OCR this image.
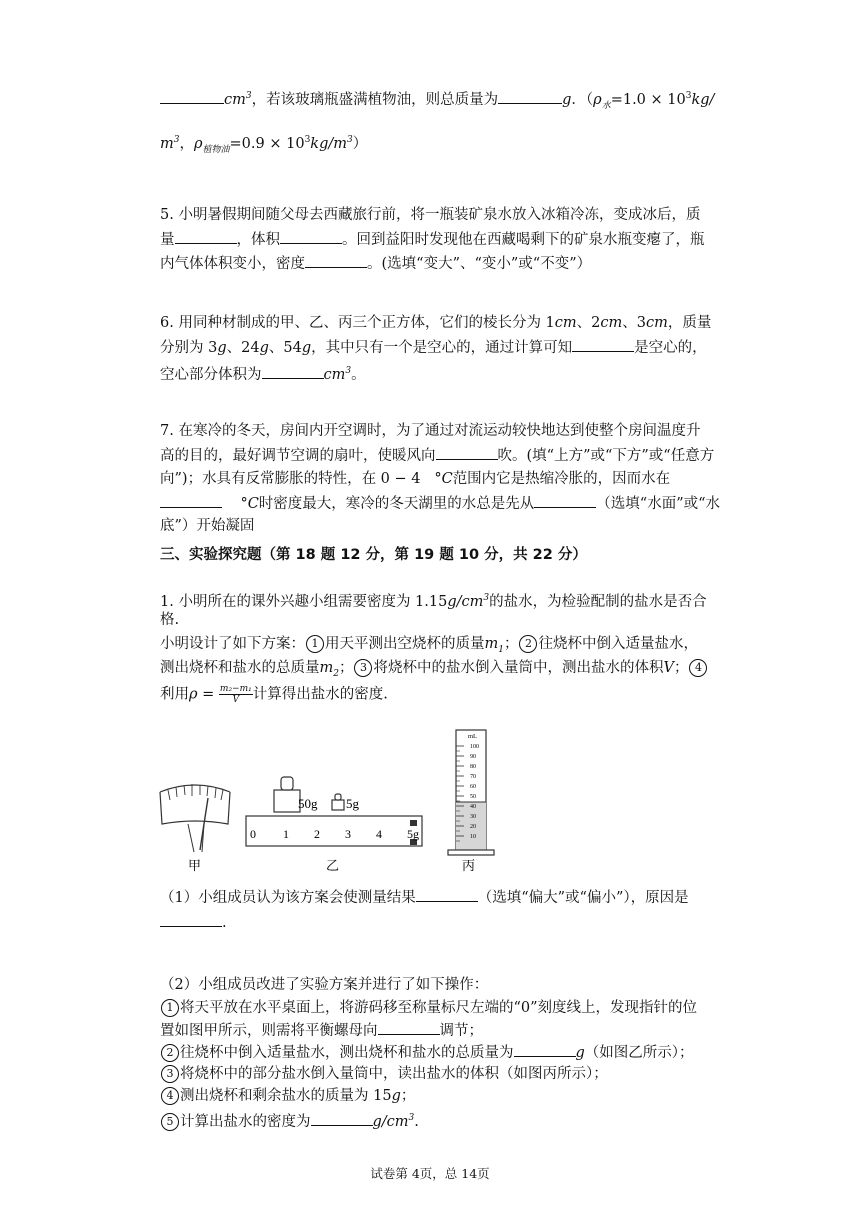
$cm^3$，若该玻璃瓶盛满植物油，则总质量为	g．（$\rho_水=1.0 \times 10^3kg/$
$m^3$，$\rho_{植物油}=0.9 \times 10^3kg/m^3$）
5. 小明暑假期间随父母去西藏旅行前，将一瓶装矿泉水放入冰箱冷冻，变成冰后，质
量	，体积	。回到益阳时发现他在西藏喝剩下的矿泉水瓶变瘪了，瓶
内气体体积变小，密度	。(选填“变大”、“变小”或“不变”）
6. 用同种材制成的甲、乙、丙三个正方体，它们的棱长分为 1cm、2cm、3cm，质量
分别为 3g、24g、54g，其中只有一个是空心的，通过计算可知	是空心的，
空心部分体积为	$cm^3$。
7. 在寒冷的冬天，房间内开空调时，为了通过对流运动较快地达到使整个房间温度升
高的目的，最好调节空调的扇叶，使暖风向	吹。(填“上方”或“下方”或“任意方
向”)；水具有反常膨胀的特性，在 0 − 4 °C范围内它是热缩冷胀的，因而水在
°C时密度最大，寒冷的冬天湖里的水总是先从	（选填“水面”或“水
底”）开始凝固
三、实验探究题（第 18 题 12 分，第 19 题 10 分，共 22 分）
1. 小明所在的课外兴趣小组需要密度为 $1.15g/cm^3$的盐水，为检验配制的盐水是否合
格.
小明设计了如下方案： 1 用天平测出空烧杯的质量$m_1$； 2 往烧杯中倒入适量盐水，
测出烧杯和盐水的总质量$m_2$； 3 将烧杯中的盐水倒入量筒中，测出盐水的体积V； 4
利用$\rho = \frac{\text{m₂−m₁}}{V}$ 计算得出盐水的密度.
甲
50g 5g
0 1 2 3 4 5g
乙
mL
100
90
80
70
60
50
40
30
20
10
丙
（1）小组成员认为该方案会使测量结果	（选填“偏大”或“偏小”），原因是
.
（2）小组成员改进了实验方案并进行了如下操作：
1 将天平放在水平桌面上，将游码移至称量标尺左端的“0”刻度线上，发现指针的位
置如图甲所示，则需将平衡螺母向	调节；
2 往烧杯中倒入适量盐水，测出烧杯和盐水的总质量为	g（如图乙所示）；
3 将烧杯中的部分盐水倒入量筒中，读出盐水的体积（如图丙所示）；
4 测出烧杯和剩余盐水的质量为 15g；
5 计算出盐水的密度为	$g/cm^3$.
试卷第 4页，总 14页
